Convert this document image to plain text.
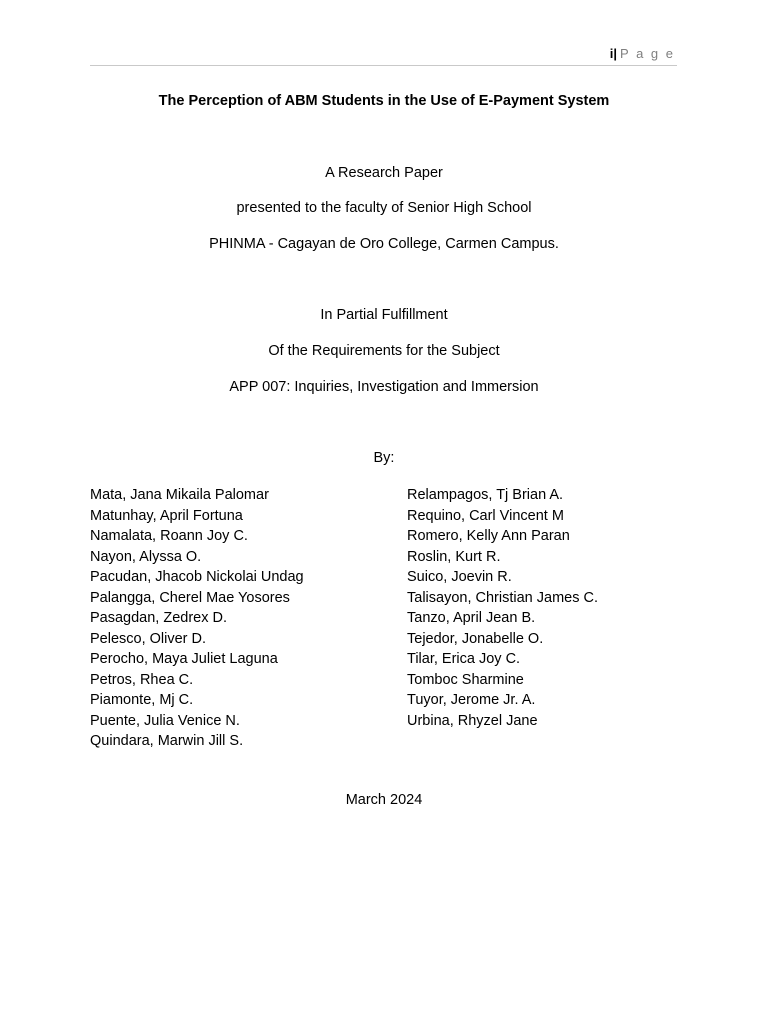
i| P a g e
The Perception of ABM Students in the Use of E-Payment System
A Research Paper
presented to the faculty of Senior High School
PHINMA - Cagayan de Oro College, Carmen Campus.
In Partial Fulfillment
Of the Requirements for the Subject
APP 007: Inquiries, Investigation and Immersion
By:
Mata, Jana Mikaila Palomar
Matunhay, April Fortuna
Namalata, Roann Joy C.
Nayon, Alyssa O.
Pacudan, Jhacob Nickolai Undag
Palangga, Cherel Mae Yosores
Pasagdan, Zedrex D.
Pelesco, Oliver D.
Perocho, Maya Juliet Laguna
Petros, Rhea C.
Piamonte, Mj C.
Puente, Julia Venice N.
Quindara, Marwin Jill S.
Relampagos, Tj Brian A.
Requino, Carl Vincent M
Romero, Kelly Ann Paran
Roslin, Kurt R.
Suico, Joevin R.
Talisayon, Christian James C.
Tanzo, April Jean B.
Tejedor, Jonabelle O.
Tilar, Erica Joy C.
Tomboc Sharmine
Tuyor, Jerome Jr. A.
Urbina, Rhyzel Jane
March 2024
